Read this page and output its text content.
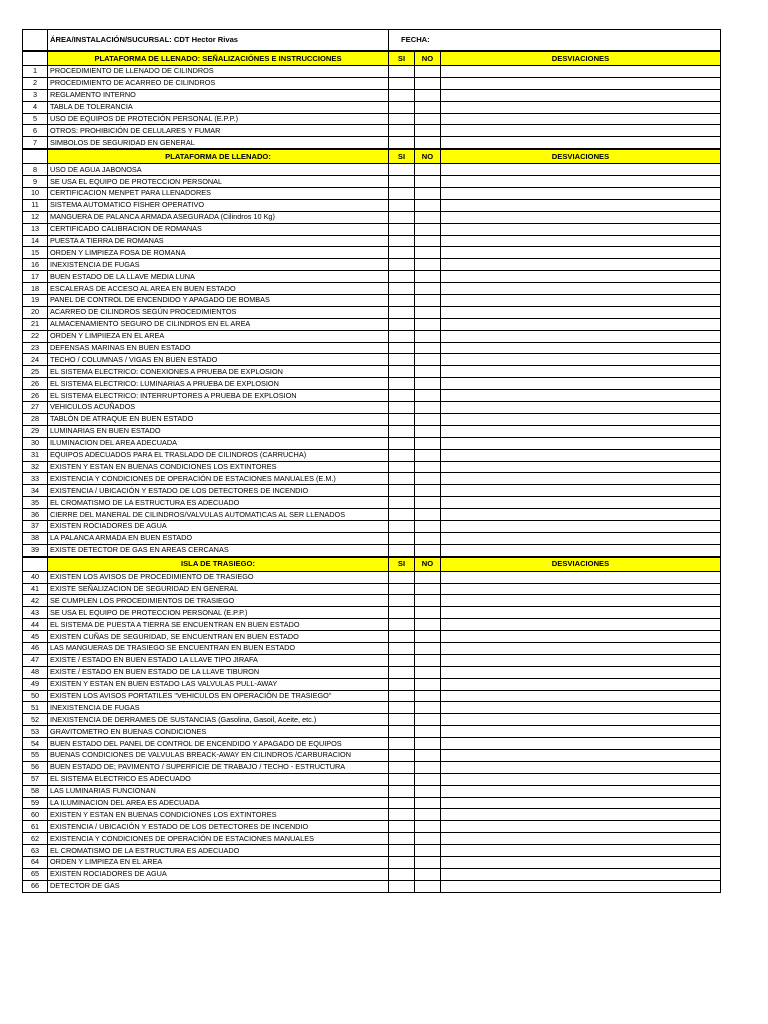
	ÁREA/INSTALACIÓN/SUCURSAL: CDT Hector Rivas	FECHA:		
	PLATAFORMA DE LLENADO: SEÑALIZACIÓNES E INSTRUCCIONES	SI	NO	DESVIACIONES
1	PROCEDIMIENTO DE LLENADO DE CILINDROS			
2	PROCEDIMIENTO DE ACARREO DE CILINDROS			
3	REGLAMENTO INTERNO			
4	TABLA DE TOLERANCIA			
5	USO DE EQUIPOS DE PROTECIÓN PERSONAL (E.P.P.)			
6	OTROS: PROHIBICIÓN DE CELULARES Y FUMAR			
7	SIMBOLOS DE SEGURIDAD EN GENERAL			
	PLATAFORMA DE LLENADO:	SI	NO	DESVIACIONES
8	USO DE AGUA JABONOSA			
9	SE USA EL EQUIPO DE PROTECCION PERSONAL			
10	CERTIFICACION MENPET PARA LLENADORES			
11	SISTEMA AUTOMATICO FISHER OPERATIVO			
12	MANGUERA DE PALANCA ARMADA ASEGURADA (Cilindros 10 Kg)			
13	CERTIFICADO CALIBRACION DE ROMANAS			
14	PUESTA A TIERRA DE ROMANAS			
15	ORDEN Y LIMPIEZA FOSA DE ROMANA			
16	INEXISTENCIA DE FUGAS			
17	BUEN ESTADO DE LA LLAVE MEDIA LUNA			
18	ESCALERAS DE ACCESO AL AREA EN BUEN ESTADO			
19	PANEL DE CONTROL DE ENCENDIDO Y APAGADO DE BOMBAS			
20	ACARREO DE CILINDROS SEGÚN PROCEDIMIENTOS			
21	ALMACENAMIENTO SEGURO DE CILINDROS EN EL AREA			
22	ORDEN Y LIMPIIEZA EN EL AREA			
23	DEFENSAS MARINAS EN BUEN ESTADO			
24	TECHO / COLUMNAS / VIGAS EN BUEN ESTADO			
25	EL SISTEMA ELECTRICO: CONEXIONES A PRUEBA DE EXPLOSION			
26	EL SISTEMA ELECTRICO: LUMINARIAS A PRUEBA DE EXPLOSION			
26	EL SISTEMA ELECTRICO: INTERRUPTORES A PRUEBA DE EXPLOSION			
27	VEHICULOS ACUÑADOS			
28	TABLÓN DE ATRAQUE EN BUEN ESTADO			
29	LUMINARIAS EN BUEN ESTADO			
30	ILUMINACION DEL AREA ADECUADA			
31	EQUIPOS ADECUADOS PARA EL TRASLADO DE CILINDROS (CARRUCHA)			
32	EXISTEN Y ESTAN EN BUENAS CONDICIONES LOS EXTINTORES			
33	EXISTENCIA Y CONDICIONES DE OPERACIÓN DE ESTACIONES MANUALES (E.M.)			
34	EXISTENCIA / UBICACIÓN Y ESTADO DE LOS DETECTORES DE INCENDIO			
35	EL CROMATISMO DE LA ESTRUCTURA ES ADECUADO			
36	CIERRE DEL MANERAL DE CILINDROS/VALVULAS AUTOMATICAS AL SER LLENADOS			
37	EXISTEN ROCIADORES DE AGUA			
38	LA PALANCA ARMADA EN BUEN ESTADO			
39	EXISTE DETECTOR DE GAS EN AREAS CERCANAS			
	ISLA DE TRASIEGO:	SI	NO	DESVIACIONES
40	EXISTEN LOS AVISOS DE PROCEDIMIENTO DE TRASIEGO			
41	EXISTE SEÑALIZACION DE SEGURIDAD EN GENERAL			
42	SE CUMPLEN LOS PROCEDIMIENTOS DE TRASIEGO			
43	SE USA EL EQUIPO DE PROTECCION PERSONAL (E.P.P.)			
44	EL SISTEMA DE PUESTA A TIERRA SE ENCUENTRAN EN BUEN ESTADO			
45	EXISTEN CUÑAS DE SEGURIDAD, SE ENCUENTRAN EN BUEN ESTADO			
46	LAS MANGUERAS DE TRASIEGO SE ENCUENTRAN EN BUEN ESTADO			
47	EXISTE / ESTADO EN BUEN ESTADO LA LLAVE TIPO JIRAFA			
48	EXISTE / ESTADO EN BUEN ESTADO DE LA LLAVE TIBURON			
49	EXISTEN Y ESTAN EN BUEN ESTADO LAS VALVULAS PULL-AWAY			
50	EXISTEN LOS AVISOS PORTATILES "VEHICULOS EN OPERACIÓN DE TRASIEGO"			
51	INEXISTENCIA DE FUGAS			
52	INEXISTENCIA DE DERRAMES DE SUSTANCIAS (Gasolina, Gasoil, Aceite, etc.)			
53	GRAVITOMETRO EN BUENAS CONDICIONES			
54	BUEN ESTADO DEL PANEL DE CONTROL DE ENCENDIDO Y APAGADO DE EQUIPOS			
55	BUENAS CONDICIONES DE VALVULAS BREACK-AWAY EN CILINDROS /CARBURACION			
56	BUEN ESTADO DE; PAVIMENTO / SUPERFICIE DE TRABAJO / TECHO - ESTRUCTURA			
57	EL SISTEMA ELECTRICO ES ADECUADO			
58	LAS LUMINARIAS FUNCIONAN			
59	LA ILUMINACION DEL AREA ES ADECUADA			
60	EXISTEN Y ESTAN EN BUENAS CONDICIONES LOS EXTINTORES			
61	EXISTENCIA / UBICACIÓN Y ESTADO DE LOS DETECTORES DE INCENDIO			
62	EXISTENCIA Y CONDICIONES DE OPERACIÓN DE ESTACIONES MANUALES			
63	EL CROMATISMO DE LA ESTRUCTURA ES ADECUADO			
64	ORDEN Y LIMPIEZA EN EL AREA			
65	EXISTEN ROCIADORES DE AGUA			
66	DETECTOR DE GAS			
